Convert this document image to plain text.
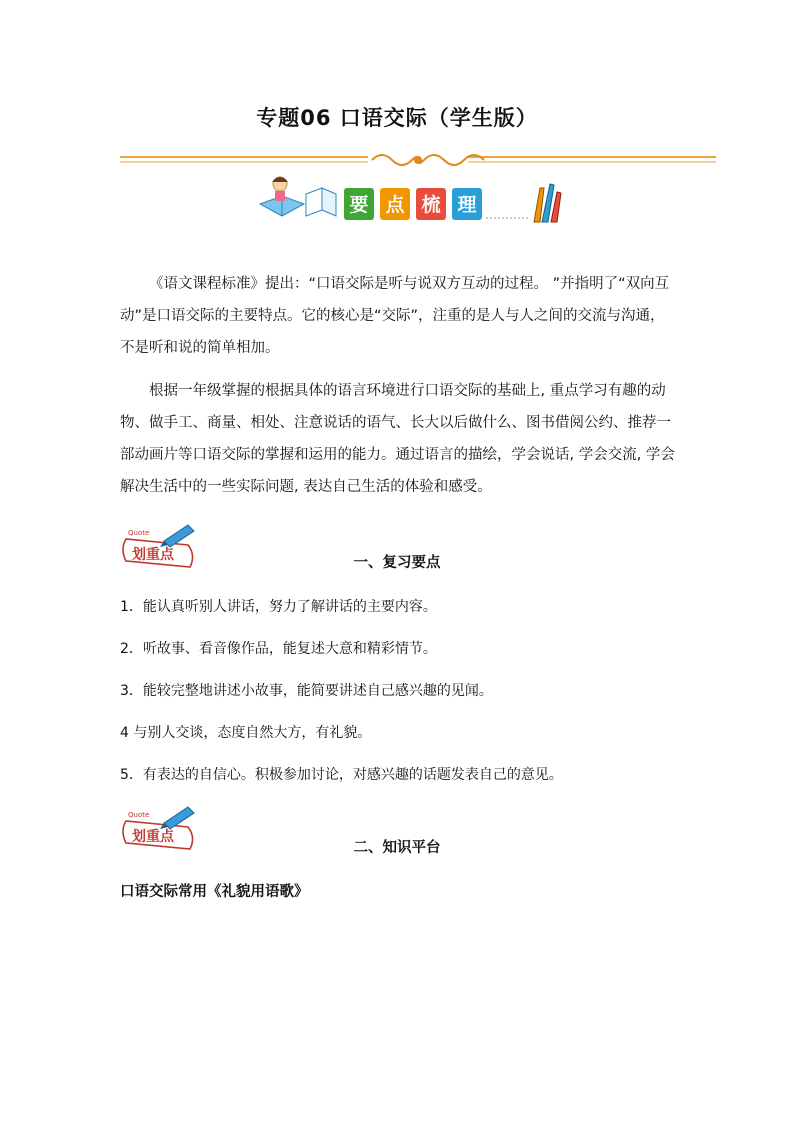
专题06 口语交际（学生版）
要 点 梳 理
《语文课程标准》提出：“口语交际是听与说双方互动的过程。 ”并指明了“双向互动”是口语交际的主要特点。它的核心是“交际”，注重的是人与人之间的交流与沟通，不是听和说的简单相加。
根据一年级掌握的根据具体的语言环境进行口语交际的基础上, 重点学习有趣的动物、做手工、商量、相处、注意说话的语气、长大以后做什么、图书借阅公约、推荐一部动画片等口语交际的掌握和运用的能力。通过语言的描绘，学会说话, 学会交流, 学会解决生活中的一些实际问题, 表达自己生活的体验和感受。
Quote
划重点	一、复习要点
1．能认真听别人讲话，努力了解讲话的主要内容。
2．听故事、看音像作品，能复述大意和精彩情节。
3．能较完整地讲述小故事，能简要讲述自己感兴趣的见闻。
4 与别人交谈，态度自然大方，有礼貌。
5．有表达的自信心。积极参加讨论，对感兴趣的话题发表自己的意见。
Quote
划重点
二、知识平台
口语交际常用《礼貌用语歌》
